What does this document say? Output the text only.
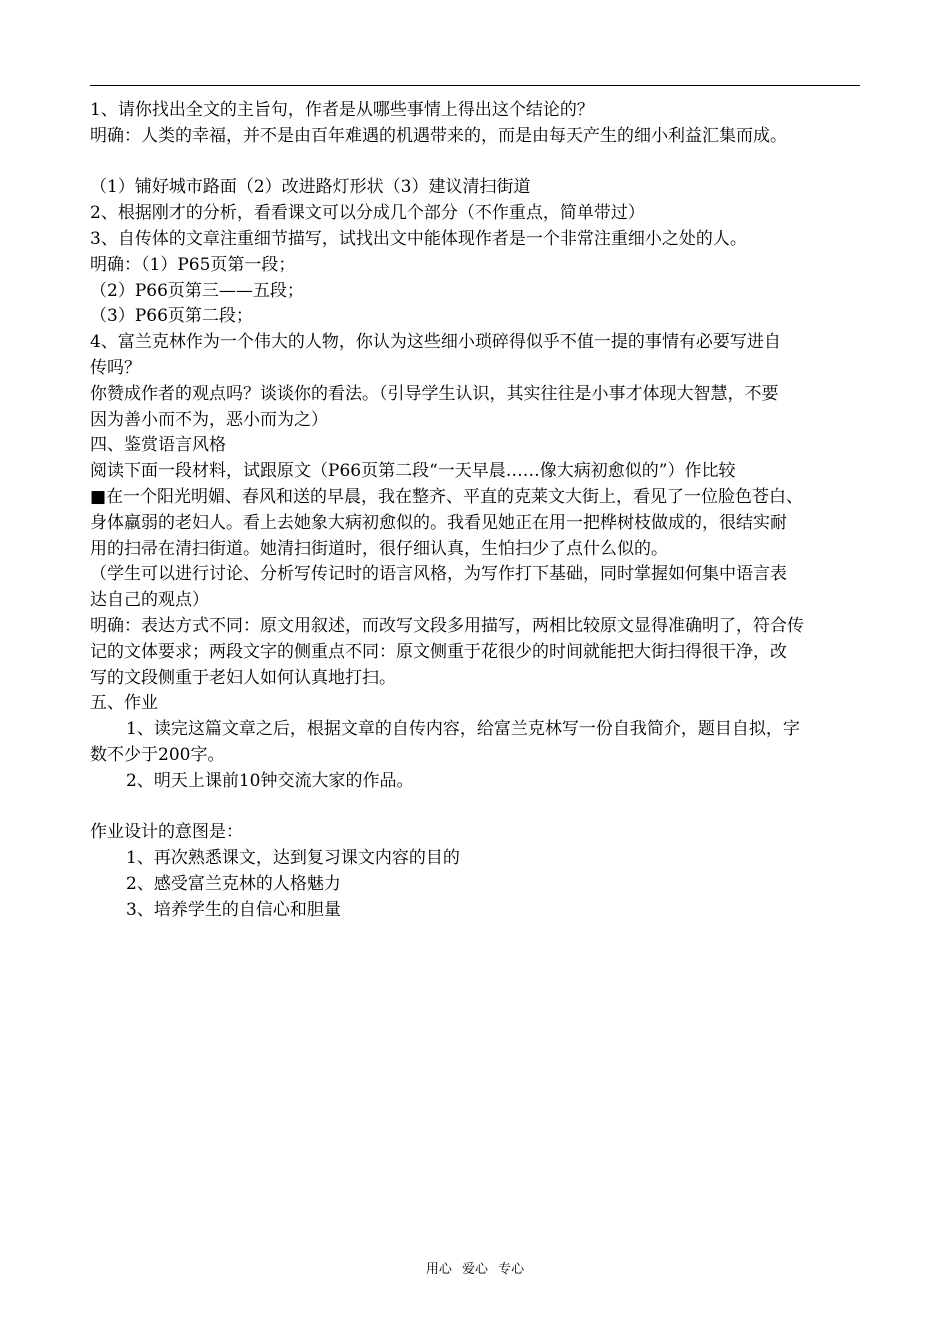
1、请你找出全文的主旨句，作者是从哪些事情上得出这个结论的？

明确：人类的幸福，并不是由百年难遇的机遇带来的，而是由每天产生的细小利益汇集而成。

（1）铺好城市路面（2）改进路灯形状（3）建议清扫街道

2、根据刚才的分析，看看课文可以分成几个部分（不作重点，简单带过）

3、自传体的文章注重细节描写，试找出文中能体现作者是一个非常注重细小之处的人。

明确：（1）P65页第一段；

（2）P66页第三——五段；

（3）P66页第二段；

4、富兰克林作为一个伟大的人物，你认为这些细小琐碎得似乎不值一提的事情有必要写进自

传吗？

你赞成作者的观点吗？谈谈你的看法。（引导学生认识，其实往往是小事才体现大智慧，不要

因为善小而不为，恶小而为之）

四、鉴赏语言风格

阅读下面一段材料，试跟原文（P66页第二段“一天早晨……像大病初愈似的”）作比较

■在一个阳光明媚、春风和送的早晨，我在整齐、平直的克莱文大街上，看见了一位脸色苍白、

身体羸弱的老妇人。看上去她象大病初愈似的。我看见她正在用一把桦树枝做成的，很结实耐

用的扫帚在清扫街道。她清扫街道时，很仔细认真，生怕扫少了点什么似的。

（学生可以进行讨论、分析写传记时的语言风格，为写作打下基础，同时掌握如何集中语言表

达自己的观点）

明确：表达方式不同：原文用叙述，而改写文段多用描写，两相比较原文显得准确明了，符合传

记的文体要求；两段文字的侧重点不同：原文侧重于花很少的时间就能把大街扫得很干净，改

写的文段侧重于老妇人如何认真地打扫。

五、作业

1、读完这篇文章之后，根据文章的自传内容，给富兰克林写一份自我简介，题目自拟，字

数不少于200字。

2、明天上课前10钟交流大家的作品。

作业设计的意图是：

1、再次熟悉课文，达到复习课文内容的目的

2、感受富兰克林的人格魅力

3、培养学生的自信心和胆量

用心 爱心 专心
